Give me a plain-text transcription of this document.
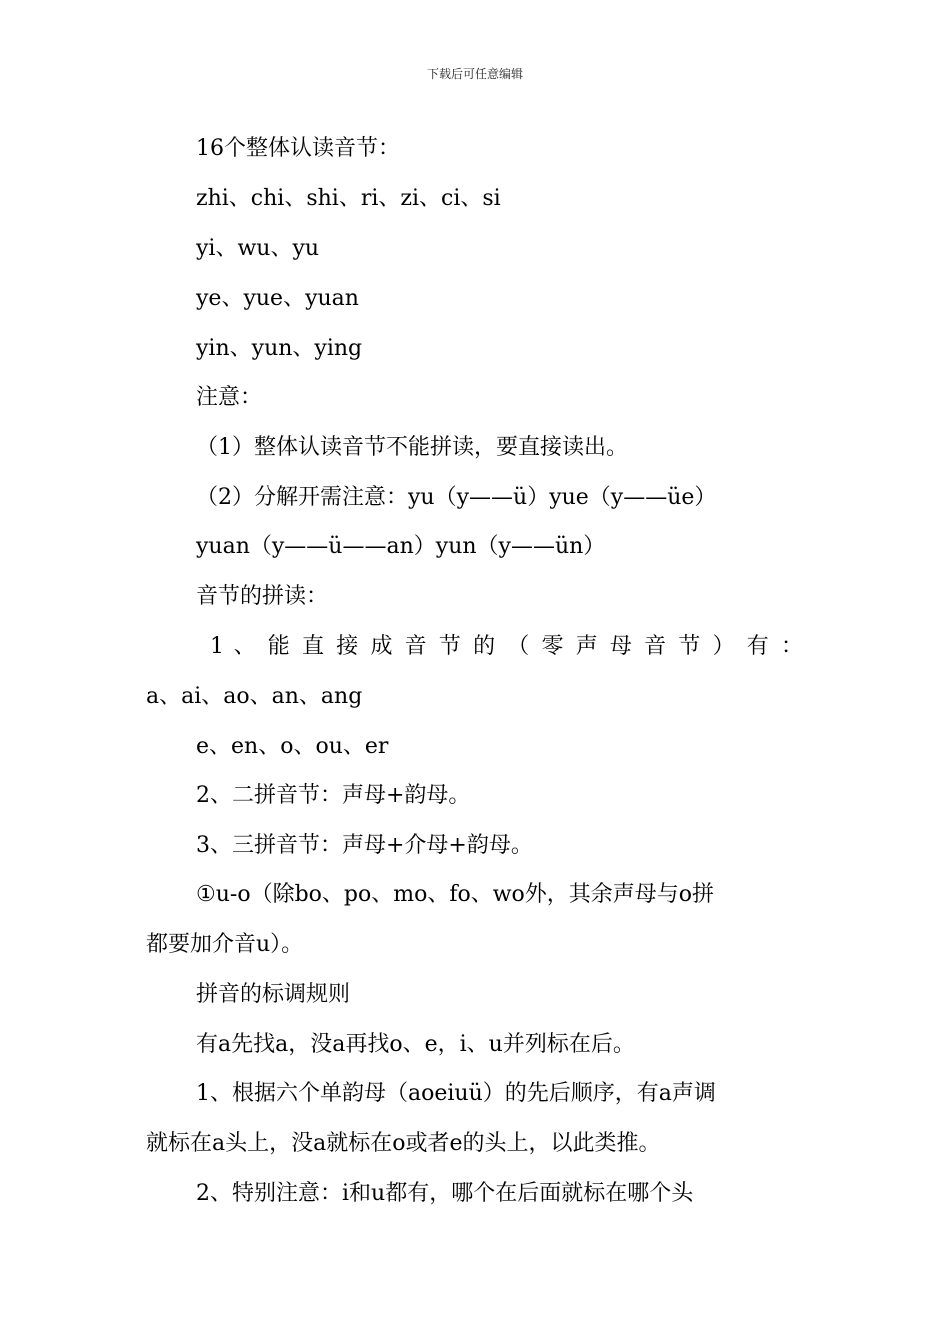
下载后可任意编辑
16个整体认读音节：
zhi、chi、shi、ri、zi、ci、si
yi、wu、yu
ye、yue、yuan
yin、yun、ying
注意：
（1）整体认读音节不能拼读，要直接读出。
（2）分解开需注意：yu（y——ü）yue（y——üe）
yuan（y——ü——an）yun（y——ün）
音节的拼读：
1 、 能 直 接 成 音 节 的 （ 零 声 母 音 节 ） 有 ：
a、ai、ao、an、ang
e、en、o、ou、er
2、二拼音节：声母+韵母。
3、三拼音节：声母+介母+韵母。
①u-o（除bo、po、mo、fo、wo外，其余声母与o拼
都要加介音u）。
拼音的标调规则
有a先找a，没a再找o、e，i、u并列标在后。
1、根据六个单韵母（aoeiuü）的先后顺序，有a声调
就标在a头上，没a就标在o或者e的头上，以此类推。
2、特别注意：i和u都有，哪个在后面就标在哪个头
